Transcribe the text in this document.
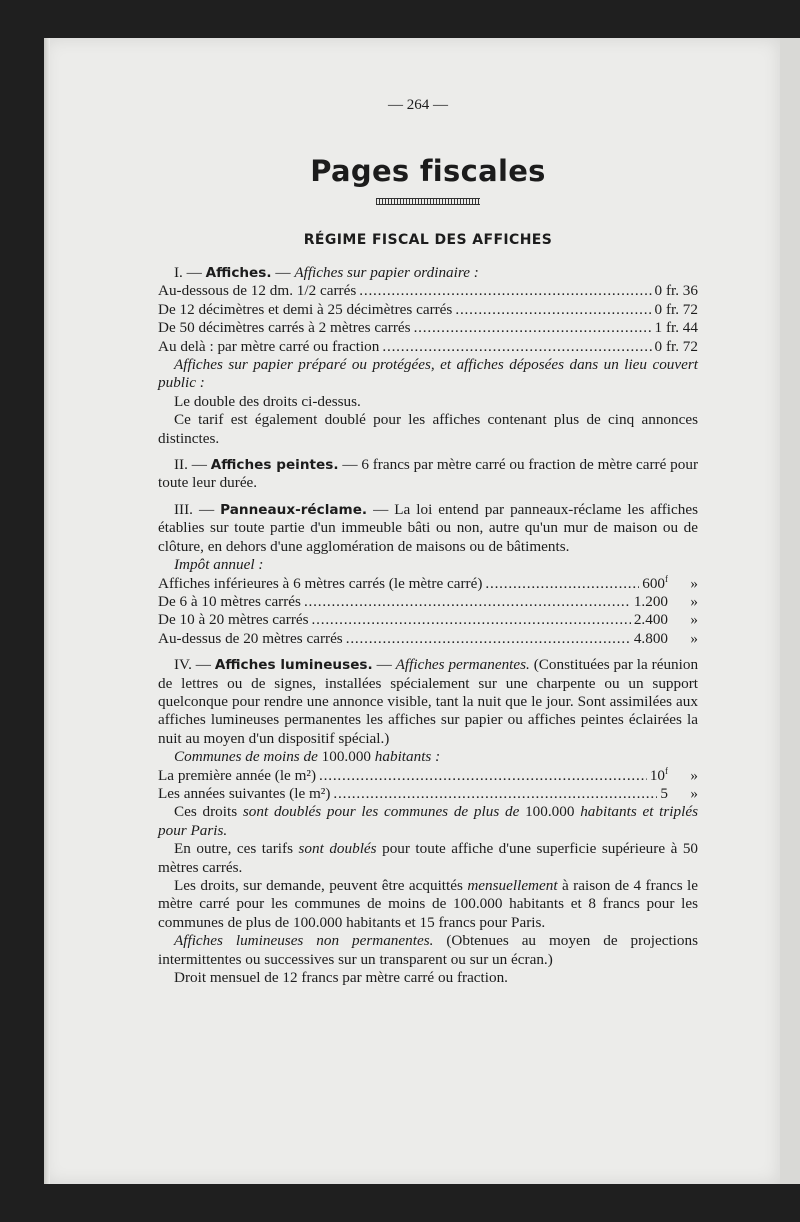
— 264 —
Pages fiscales
RÉGIME FISCAL DES AFFICHES

I. — Affiches. — Affiches sur papier ordinaire :

Au-dessous de 12 dm. 1/2 carrés . . .	0 fr. 36
De 12 décimètres et demi à 25 décimètres carrés . . .	0 fr. 72
De 50 décimètres carrés à 2 mètres carrés . . .	1 fr. 44
Au delà : par mètre carré ou fraction . . .	0 fr. 72

Affiches sur papier préparé ou protégées, et affiches déposées dans un lieu couvert public :

Le double des droits ci-dessus.

Ce tarif est également doublé pour les affiches contenant plus de cinq annonces distinctes.

II. — Affiches peintes. — 6 francs par mètre carré ou fraction de mètre carré pour toute leur durée.

III. — Panneaux-réclame. — La loi entend par panneaux-réclame les affiches établies sur toute partie d'un immeuble bâti ou non, autre qu'un mur de maison ou de clôture, en dehors d'une agglomération de maisons ou de bâtiments.

Impôt annuel :

Affiches inférieures à 6 mètres carrés (le mètre carré) . . .	600$^f$	»
De 6 à 10 mètres carrés . . .	1.200	»
De 10 à 20 mètres carrés . . .	2.400	»
Au-dessus de 20 mètres carrés . . .	4.800	»

IV. — Affiches lumineuses. — Affiches permanentes. (Constituées par la réunion de lettres ou de signes, installées spécialement sur une charpente ou un support quelconque pour rendre une annonce visible, tant la nuit que le jour. Sont assimilées aux affiches lumineuses permanentes les affiches sur papier ou affiches peintes éclairées la nuit au moyen d'un dispositif spécial.)

Communes de moins de 100.000 habitants :

La première année (le m²) . . .	10$^f$	»
Les années suivantes (le m²) . . .	5	»

Ces droits sont doublés pour les communes de plus de 100.000 habitants et triplés pour Paris.

En outre, ces tarifs sont doublés pour toute affiche d'une superficie supérieure à 50 mètres carrés.

Les droits, sur demande, peuvent être acquittés mensuellement à raison de 4 francs le mètre carré pour les communes de moins de 100.000 habitants et 8 francs pour les communes de plus de 100.000 habitants et 15 francs pour Paris.

Affiches lumineuses non permanentes. (Obtenues au moyen de projections intermittentes ou successives sur un transparent ou sur un écran.)

Droit mensuel de 12 francs par mètre carré ou fraction.
